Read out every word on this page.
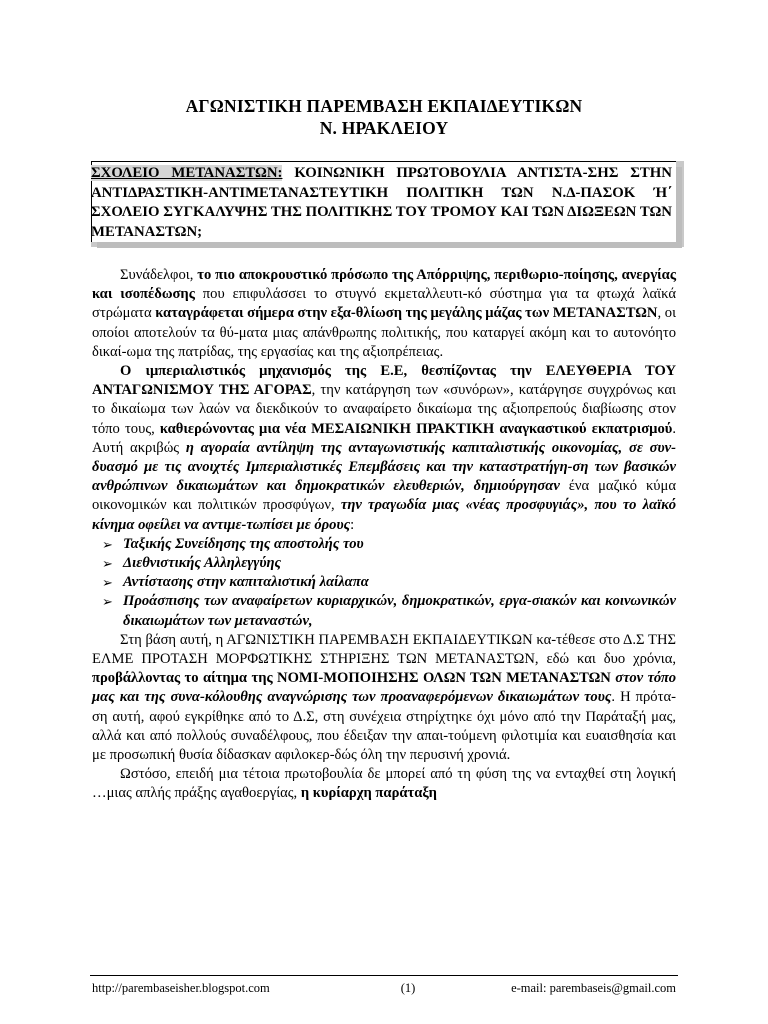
ΑΓΩΝΙΣΤΙΚΗ ΠΑΡΕΜΒΑΣΗ ΕΚΠΑΙΔΕΥΤΙΚΩΝ
Ν. ΗΡΑΚΛΕΙΟΥ
ΣΧΟΛΕΙΟ ΜΕΤΑΝΑΣΤΩΝ: ΚΟΙΝΩΝΙΚΗ ΠΡΩΤΟΒΟΥΛΙΑ ΑΝΤΙΣΤΑ-ΣΗΣ ΣΤΗΝ ΑΝΤΙΔΡΑΣΤΙΚΗ-ΑΝΤΙΜΕΤΑΝΑΣΤΕΥΤΙΚΗ ΠΟΛΙΤΙΚΗ ΤΩΝ Ν.Δ-ΠΑΣΟΚ Ή΄ ΣΧΟΛΕΙΟ ΣΥΓΚΑΛΥΨΗΣ ΤΗΣ ΠΟΛΙΤΙΚΗΣ ΤΟΥ ΤΡΟΜΟΥ ΚΑΙ ΤΩΝ ΔΙΩΞΕΩΝ ΤΩΝ ΜΕΤΑΝΑΣΤΩΝ;

Συνάδελφοι, το πιο αποκρουστικό πρόσωπο της Απόρριψης, περιθωριο-ποίησης, ανεργίας και ισοπέδωσης που επιφυλάσσει το στυγνό εκμεταλλευτι-κό σύστημα για τα φτωχά λαϊκά στρώματα καταγράφεται σήμερα στην εξα-θλίωση της μεγάλης μάζας των ΜΕΤΑΝΑΣΤΩΝ, οι οποίοι αποτελούν τα θύ-ματα μιας απάνθρωπης πολιτικής, που καταργεί ακόμη και το αυτονόητο δικαί-ωμα της πατρίδας, της εργασίας και της αξιοπρέπειας.

Ο ιμπεριαλιστικός μηχανισμός της Ε.Ε, θεσπίζοντας την ΕΛΕΥΘΕΡΙΑ ΤΟΥ ΑΝΤΑΓΩΝΙΣΜΟΥ ΤΗΣ ΑΓΟΡΑΣ, την κατάργηση των «συνόρων», κατάργησε συγχρόνως και το δικαίωμα των λαών να διεκδικούν το αναφαίρετο δικαίωμα της αξιοπρεπούς διαβίωσης στον τόπο τους, καθιερώνοντας μια νέα ΜΕΣΑΙΩΝΙΚΗ ΠΡΑΚΤΙΚΗ αναγκαστικού εκπατρισμού. Αυτή ακριβώς η αγοραία αντίληψη της ανταγωνιστικής καπιταλιστικής οικονομίας, σε συν-δυασμό με τις ανοιχτές Ιμπεριαλιστικές Επεμβάσεις και την καταστρατήγη-ση των βασικών ανθρώπινων δικαιωμάτων και δημοκρατικών ελευθεριών, δημιούργησαν ένα μαζικό κύμα οικονομικών και πολιτικών προσφύγων, την τραγωδία μιας «νέας προσφυγιάς», που το λαϊκό κίνημα οφείλει να αντιμε-τωπίσει με όρους:

➢ Ταξικής Συνείδησης της αποστολής του
➢ Διεθνιστικής Αλληλεγγύης
➢ Αντίστασης στην καπιταλιστική λαίλαπα
➢ Προάσπισης των αναφαίρετων κυριαρχικών, δημοκρατικών, εργα-σιακών και κοινωνικών δικαιωμάτων των μεταναστών,

Στη βάση αυτή, η ΑΓΩΝΙΣΤΙΚΗ ΠΑΡΕΜΒΑΣΗ ΕΚΠΑΙΔΕΥΤΙΚΩΝ κα-τέθεσε στο Δ.Σ ΤΗΣ ΕΛΜΕ ΠΡΟΤΑΣΗ ΜΟΡΦΩΤΙΚΗΣ ΣΤΗΡΙΞΗΣ ΤΩΝ ΜΕΤΑΝΑΣΤΩΝ, εδώ και δυο χρόνια, προβάλλοντας το αίτημα της ΝΟΜΙ-ΜΟΠΟΙΗΣΗΣ ΟΛΩΝ ΤΩΝ ΜΕΤΑΝΑΣΤΩΝ στον τόπο μας και της συνα-κόλουθης αναγνώρισης των προαναφερόμενων δικαιωμάτων τους. Η πρότα-ση αυτή, αφού εγκρίθηκε από το Δ.Σ, στη συνέχεια στηρίχτηκε όχι μόνο από την Παράταξή μας, αλλά και από πολλούς συναδέλφους, που έδειξαν την απαι-τούμενη φιλοτιμία και ευαισθησία και με προσωπική θυσία δίδασκαν αφιλοκερ-δώς όλη την περυσινή χρονιά.

Ωστόσο, επειδή μια τέτοια πρωτοβουλία δε μπορεί από τη φύση της να ενταχθεί στη λογική …μιας απλής πράξης αγαθοεργίας, η κυρίαρχη παράταξη

http://parembaseisher.blogspot.com	(1)	e-mail: parembaseis@gmail.com
